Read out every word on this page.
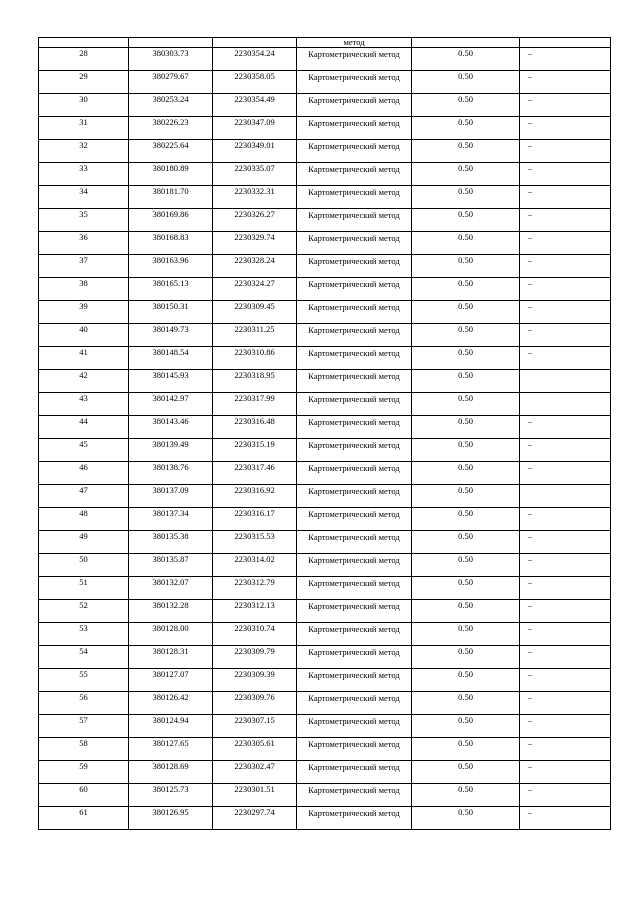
			метод		
28	380303.73	2230354.24	Картометрический метод	0.50	–
29	380279.67	2230358.05	Картометрический метод	0.50	–
30	380253.24	2230354.49	Картометрический метод	0.50	–
31	380226.23	2230347.09	Картометрический метод	0.50	–
32	380225.64	2230349.01	Картометрический метод	0.50	–
33	380180.89	2230335.07	Картометрический метод	0.50	–
34	380181.70	2230332.31	Картометрический метод	0.50	–
35	380169.86	2230326.27	Картометрический метод	0.50	–
36	380168.83	2230329.74	Картометрический метод	0.50	–
37	380163.96	2230328.24	Картометрический метод	0.50	–
38	380165.13	2230324.27	Картометрический метод	0.50	–
39	380150.31	2230309.45	Картометрический метод	0.50	–
40	380149.73	2230311.25	Картометрический метод	0.50	–
41	380148.54	2230310.86	Картометрический метод	0.50	–
42	380145.93	2230318.95	Картометрический метод	0.50	
43	380142.97	2230317.99	Картометрический метод	0.50	
44	380143.46	2230316.48	Картометрический метод	0.50	–
45	380139.49	2230315.19	Картометрический метод	0.50	–
46	380138.76	2230317.46	Картометрический метод	0.50	–
47	380137.09	2230316.92	Картометрический метод	0.50	
48	380137.34	2230316.17	Картометрический метод	0.50	–
49	380135.38	2230315.53	Картометрический метод	0.50	–
50	380135.87	2230314.02	Картометрический метод	0.50	–
51	380132.07	2230312.79	Картометрический метод	0.50	–
52	380132.28	2230312.13	Картометрический метод	0.50	–
53	380128.00	2230310.74	Картометрический метод	0.50	–
54	380128.31	2230309.79	Картометрический метод	0.50	–
55	380127.07	2230309.39	Картометрический метод	0.50	–
56	380126.42	2230309.76	Картометрический метод	0.50	–
57	380124.94	2230307.15	Картометрический метод	0.50	–
58	380127.65	2230305.61	Картометрический метод	0.50	–
59	380128.69	2230302.47	Картометрический метод	0.50	–
60	380125.73	2230301.51	Картометрический метод	0.50	–
61	380126.95	2230297.74	Картометрический метод	0.50	–
